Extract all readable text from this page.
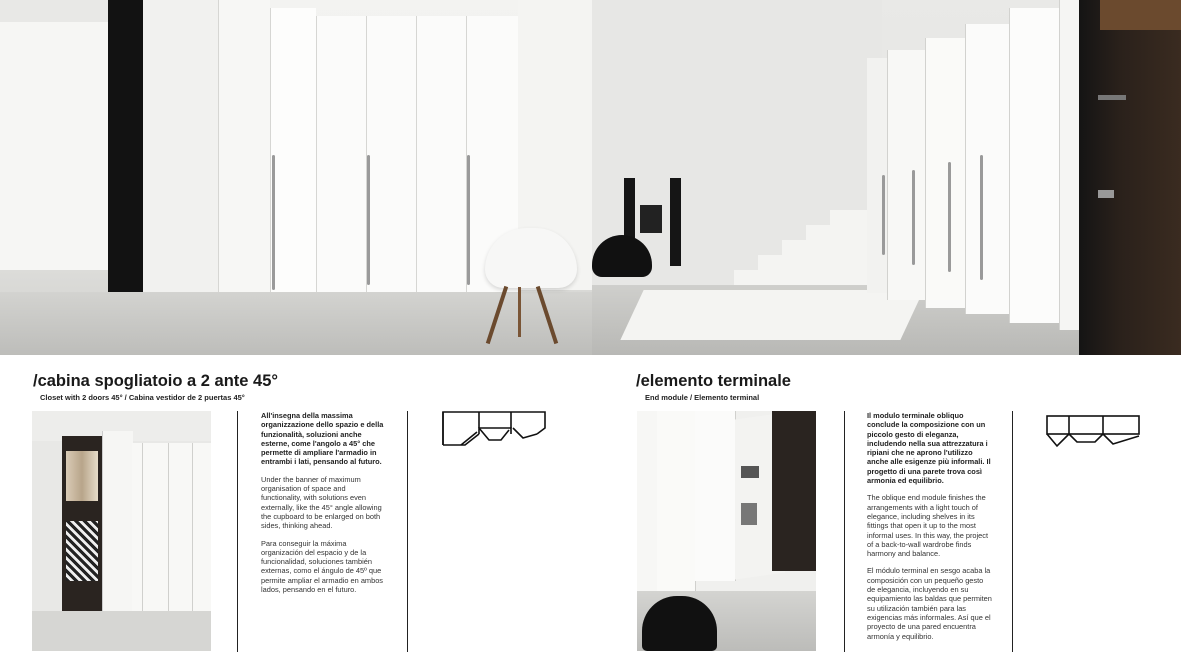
/cabina spogliatoio a 2 ante 45°
Closet with 2 doors 45° / Cabina vestidor de 2 puertas 45°

All'insegna della massima organizzazione dello spazio e della funzionalità, soluzioni anche esterne, come l'angolo a 45° che permette di ampliare l'armadio in entrambi i lati, pensando al futuro.

Under the banner of maximum organisation of space and functionality, with solutions even externally, like the 45° angle allowing the cupboard to be enlarged on both sides, thinking ahead.

Para conseguir la máxima organización del espacio y de la funcionalidad, soluciones también externas, como el ángulo de 45º que permite ampliar el armadio en ambos lados, pensando en el futuro.

/elemento terminale
End module / Elemento terminal

Il modulo terminale obliquo conclude la composizione con un piccolo gesto di eleganza, includendo nella sua attrezzatura i ripiani che ne aprono l'utilizzo anche alle esigenze più informali. Il progetto di una parete trova così armonia ed equilibrio.

The oblique end module finishes the arrangements with a light touch of elegance, including shelves in its fittings that open it up to the most informal uses. In this way, the project of a back-to-wall wardrobe finds harmony and balance.

El módulo terminal en sesgo acaba la composición con un pequeño gesto de elegancia, incluyendo en su equipamiento las baldas que permiten su utilización también para las exigencias más informales. Así que el proyecto de una pared encuentra armonía y equilibrio.
